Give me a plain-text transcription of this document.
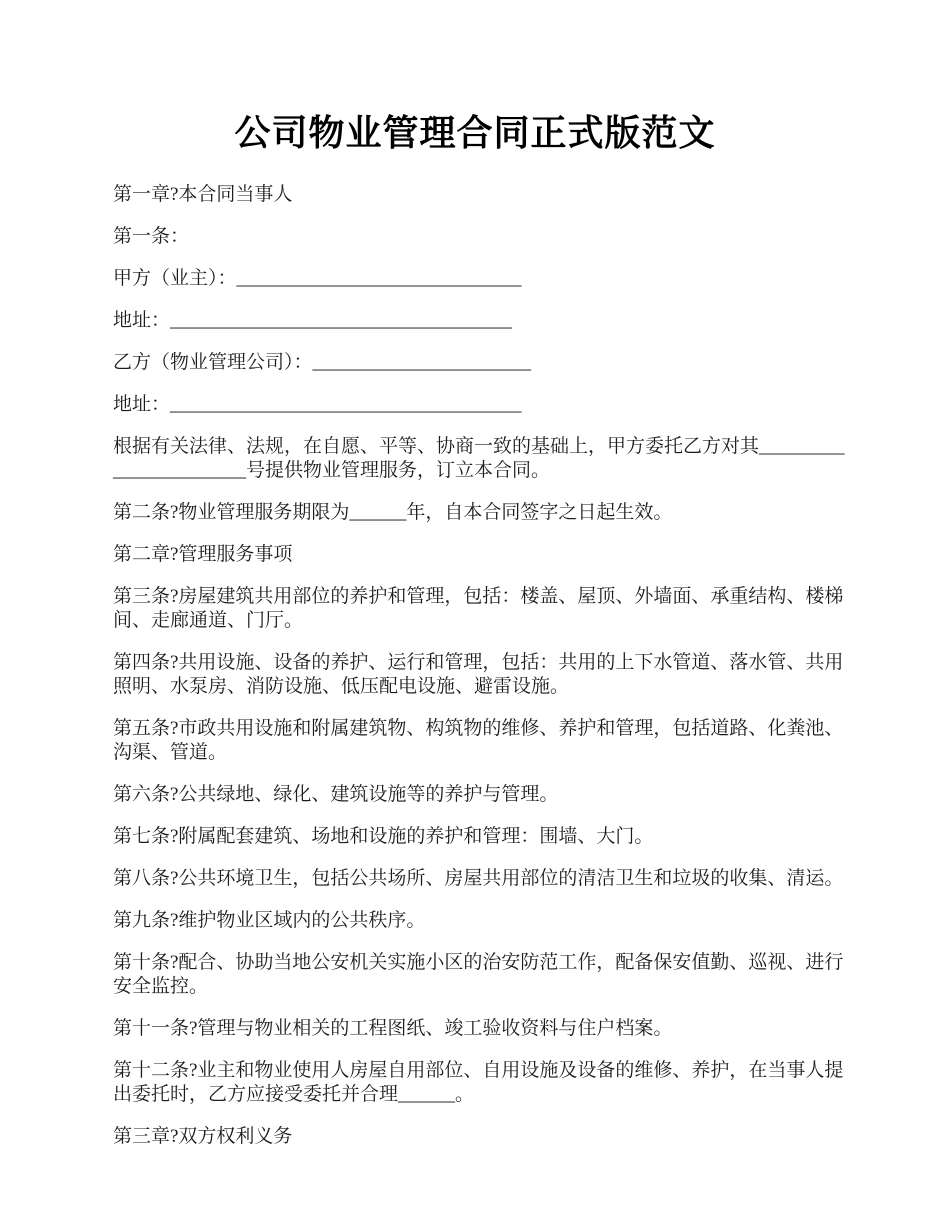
公司物业管理合同正式版范文
第一章?本合同当事人
第一条：
甲方（业主）：______________________________
地址：____________________________________
乙方（物业管理公司）：_______________________
地址：_____________________________________
根据有关法律、法规，在自愿、平等、协商一致的基础上，甲方委托乙方对其_________
______________号提供物业管理服务，订立本合同。
第二条?物业管理服务期限为______年，自本合同签字之日起生效。
第二章?管理服务事项
第三条?房屋建筑共用部位的养护和管理，包括：楼盖、屋顶、外墙面、承重结构、楼梯
间、走廊通道、门厅。
第四条?共用设施、设备的养护、运行和管理，包括：共用的上下水管道、落水管、共用
照明、水泵房、消防设施、低压配电设施、避雷设施。
第五条?市政共用设施和附属建筑物、构筑物的维修、养护和管理，包括道路、化粪池、
沟渠、管道。
第六条?公共绿地、绿化、建筑设施等的养护与管理。
第七条?附属配套建筑、场地和设施的养护和管理：围墙、大门。
第八条?公共环境卫生，包括公共场所、房屋共用部位的清洁卫生和垃圾的收集、清运。
第九条?维护物业区域内的公共秩序。
第十条?配合、协助当地公安机关实施小区的治安防范工作，配备保安值勤、巡视、进行
安全监控。
第十一条?管理与物业相关的工程图纸、竣工验收资料与住户档案。
第十二条?业主和物业使用人房屋自用部位、自用设施及设备的维修、养护，在当事人提
出委托时，乙方应接受委托并合理______。
第三章?双方权利义务
